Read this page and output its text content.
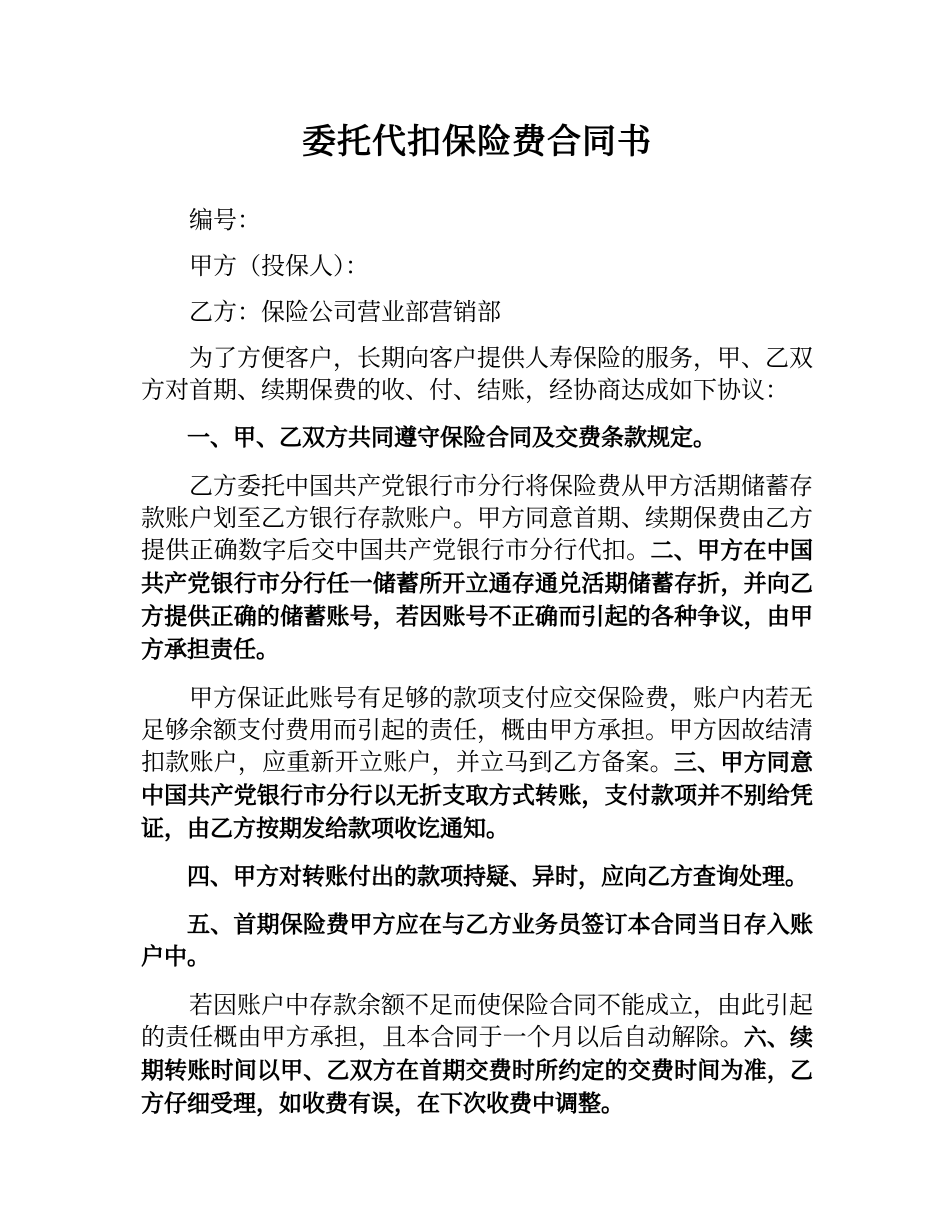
委托代扣保险费合同书

编号：

甲方（投保人）：

乙方：保险公司营业部营销部

为了方便客户，长期向客户提供人寿保险的服务，甲、乙双方对首期、续期保费的收、付、结账，经协商达成如下协议：

一、甲、乙双方共同遵守保险合同及交费条款规定。

乙方委托中国共产党银行市分行将保险费从甲方活期储蓄存款账户划至乙方银行存款账户。甲方同意首期、续期保费由乙方提供正确数字后交中国共产党银行市分行代扣。二、甲方在中国共产党银行市分行任一储蓄所开立通存通兑活期储蓄存折，并向乙方提供正确的储蓄账号，若因账号不正确而引起的各种争议，由甲方承担责任。

甲方保证此账号有足够的款项支付应交保险费，账户内若无足够余额支付费用而引起的责任，概由甲方承担。甲方因故结清扣款账户，应重新开立账户，并立马到乙方备案。三、甲方同意中国共产党银行市分行以无折支取方式转账，支付款项并不别给凭证，由乙方按期发给款项收讫通知。

四、甲方对转账付出的款项持疑、异时，应向乙方查询处理。

五、首期保险费甲方应在与乙方业务员签订本合同当日存入账户中。

若因账户中存款余额不足而使保险合同不能成立，由此引起的责任概由甲方承担，且本合同于一个月以后自动解除。六、续期转账时间以甲、乙双方在首期交费时所约定的交费时间为准，乙方仔细受理，如收费有误，在下次收费中调整。
